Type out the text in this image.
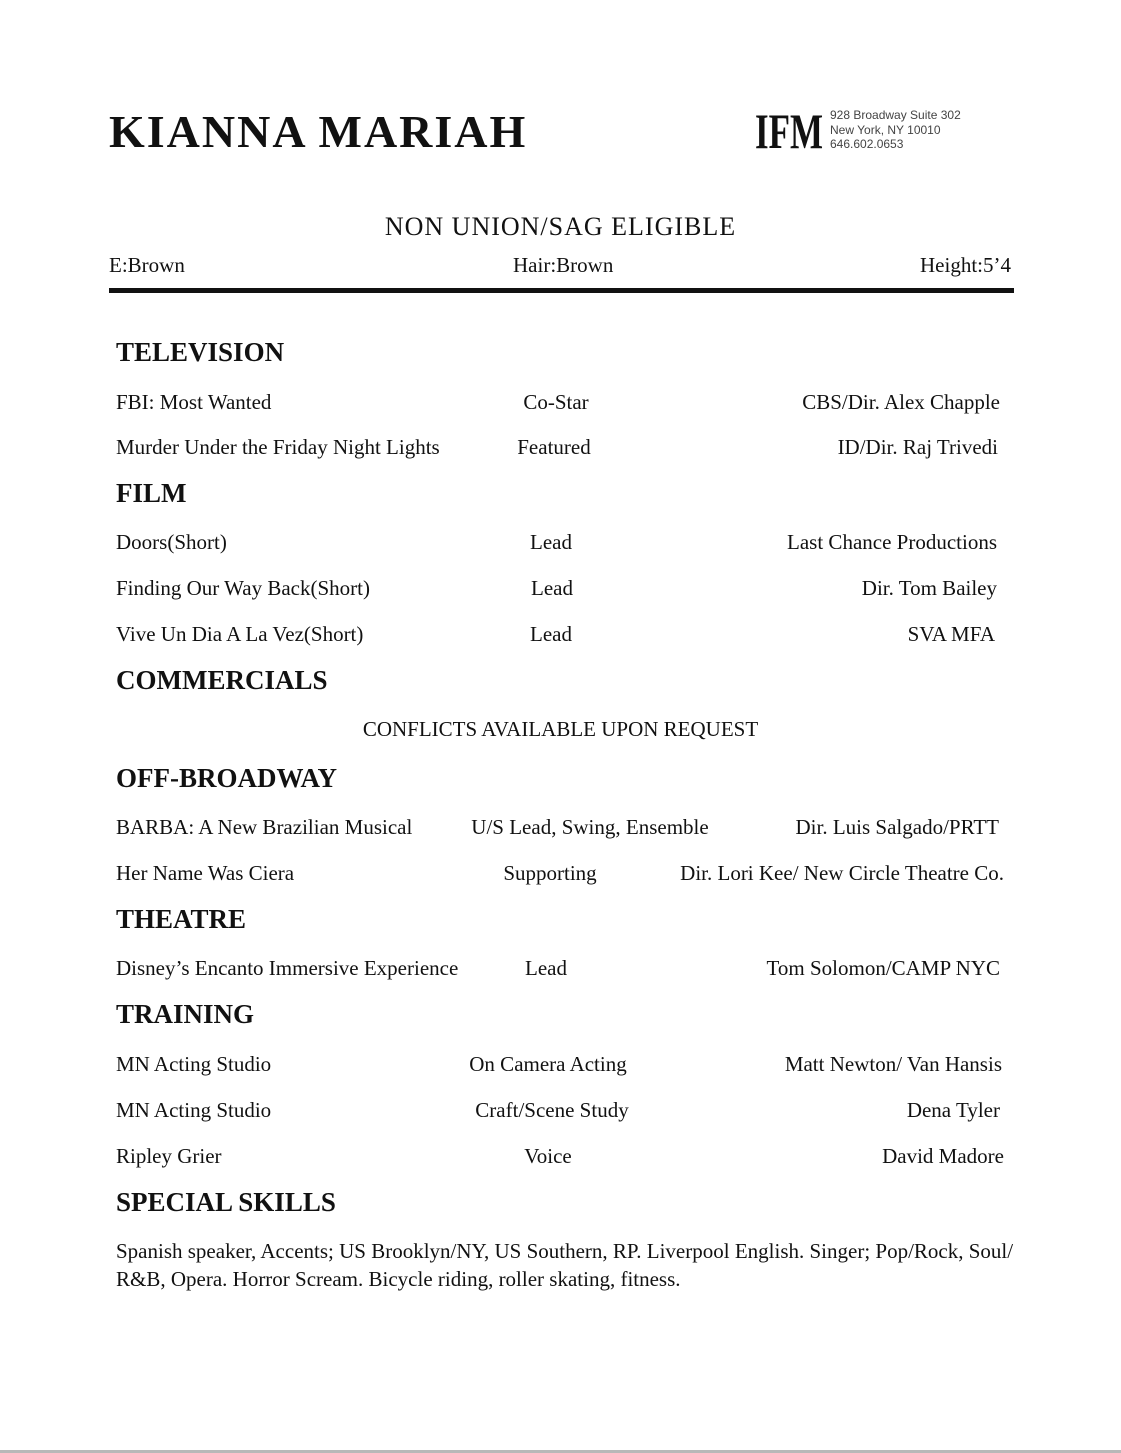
KIANNA MARIAH	IFM 928 Broadway Suite 302
New York, NY 10010
646.602.0653
NON UNION/SAG ELIGIBLE
E:Brown	Hair:Brown	Height:5’4
TELEVISION
FBI: Most Wanted	Co-Star	CBS/Dir. Alex Chapple
Murder Under the Friday Night Lights	Featured	ID/Dir. Raj Trivedi
FILM
Doors(Short)	Lead	Last Chance Productions
Finding Our Way Back(Short)	Lead	Dir. Tom Bailey
Vive Un Dia A La Vez(Short)	Lead	SVA MFA
COMMERCIALS
CONFLICTS AVAILABLE UPON REQUEST
OFF-BROADWAY
BARBA: A New Brazilian Musical	U/S Lead, Swing, Ensemble	Dir. Luis Salgado/PRTT
Her Name Was Ciera	Supporting	Dir. Lori Kee/ New Circle Theatre Co.
THEATRE
Disney’s Encanto Immersive Experience	Lead	Tom Solomon/CAMP NYC
TRAINING
MN Acting Studio	On Camera Acting	Matt Newton/ Van Hansis
MN Acting Studio	Craft/Scene Study	Dena Tyler
Ripley Grier	Voice	David Madore
SPECIAL SKILLS

Spanish speaker, Accents; US Brooklyn/NY, US Southern, RP. Liverpool English. Singer; Pop/Rock, Soul/ R&B, Opera. Horror Scream. Bicycle riding, roller skating, fitness.
